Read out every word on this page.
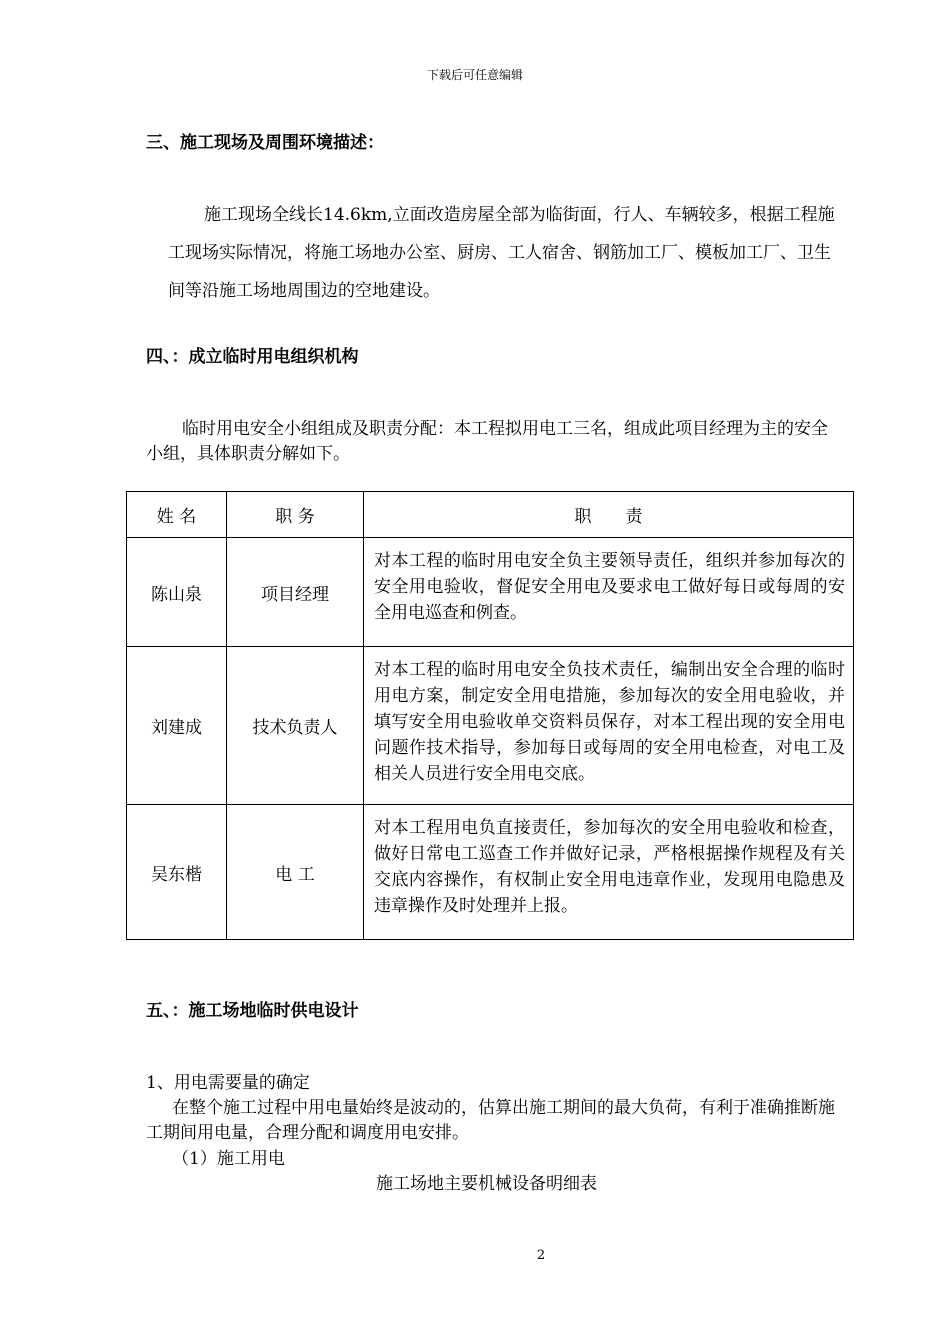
下载后可任意编辑
三、施工现场及周围环境描述：
施工现场全线长14.6km,立面改造房屋全部为临街面，行人、车辆较多，根据工程施工现场实际情况，将施工场地办公室、厨房、工人宿舍、钢筋加工厂、模板加工厂、卫生间等沿施工场地周围边的空地建设。
四、：成立临时用电组织机构
临时用电安全小组组成及职责分配：本工程拟用电工三名，组成此项目经理为主的安全小组，具体职责分解如下。
姓 名	职 务	职　　责
陈山泉	项目经理	对本工程的临时用电安全负主要领导责任，组织并参加每次的安全用电验收，督促安全用电及要求电工做好每日或每周的安全用电巡查和例查。
刘建成	技术负责人	对本工程的临时用电安全负技术责任，编制出安全合理的临时用电方案，制定安全用电措施，参加每次的安全用电验收，并填写安全用电验收单交资料员保存，对本工程出现的安全用电问题作技术指导，参加每日或每周的安全用电检查，对电工及相关人员进行安全用电交底。
吴东楷	电 工	对本工程用电负直接责任，参加每次的安全用电验收和检查，做好日常电工巡查工作并做好记录，严格根据操作规程及有关交底内容操作，有权制止安全用电违章作业，发现用电隐患及违章操作及时处理并上报。
五、：施工场地临时供电设计
1、用电需要量的确定
在整个施工过程中用电量始终是波动的，估算出施工期间的最大负荷，有利于准确推断施工期间用电量，合理分配和调度用电安排。
（1）施工用电
施工场地主要机械设备明细表
2
